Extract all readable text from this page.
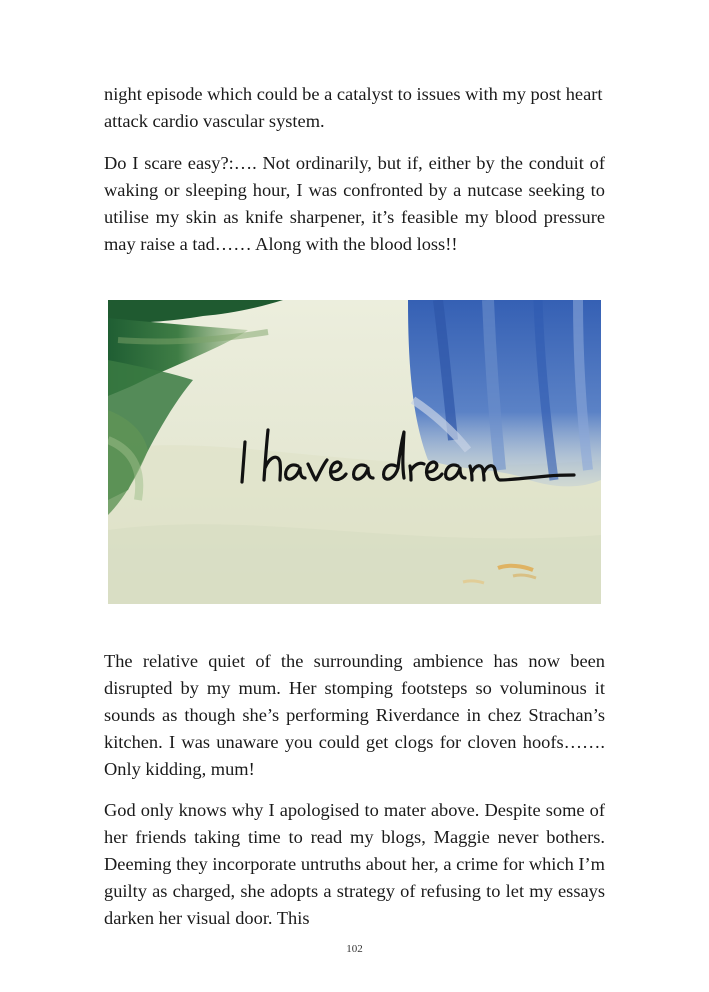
night episode which could be a catalyst to issues with my post heart attack cardio vascular system.

Do I scare easy?:…. Not ordinarily, but if, either by the conduit of waking or sleeping hour, I was confronted by a nutcase seeking to utilise my skin as knife sharpener, it’s feasible my blood pressure may raise a tad…… Along with the blood loss!!

The relative quiet of the surrounding ambience has now been disrupted by my mum. Her stomping footsteps so voluminous it sounds as though she’s performing Riverdance in chez Strachan’s kitchen. I was unaware you could get clogs for cloven hoofs……. Only kidding, mum!

God only knows why I apologised to mater above. Despite some of her friends taking time to read my blogs, Maggie never bothers. Deeming they incorporate untruths about her, a crime for which I’m guilty as charged, she adopts a strategy of refusing to let my essays darken her visual door. This

102
